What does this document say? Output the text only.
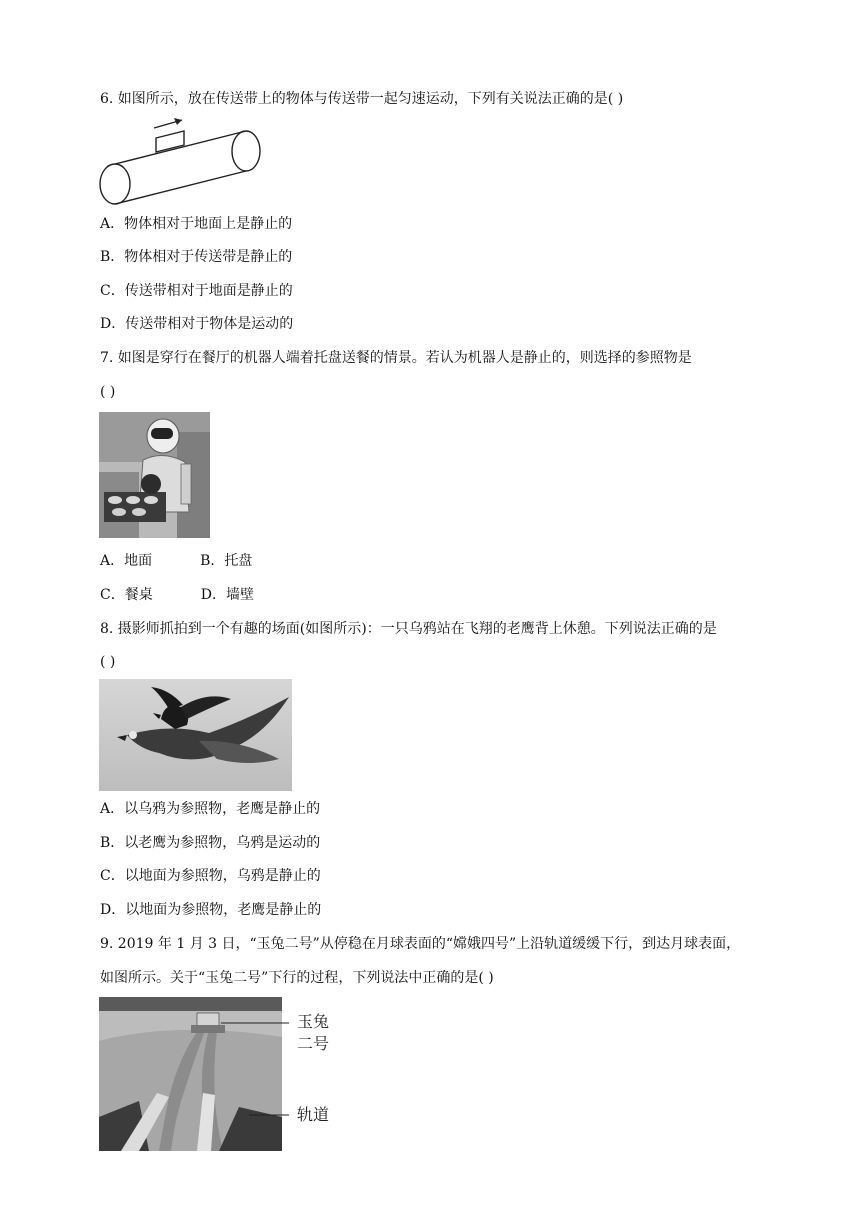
6. 如图所示，放在传送带上的物体与传送带一起匀速运动，下列有关说法正确的是( )
A．物体相对于地面上是静止的
B．物体相对于传送带是静止的
C．传送带相对于地面是静止的
D．传送带相对于物体是运动的
7. 如图是穿行在餐厅的机器人端着托盘送餐的情景。若认为机器人是静止的，则选择的参照物是
( )
A．地面	B．托盘
C．餐桌	D．墙壁
8. 摄影师抓拍到一个有趣的场面(如图所示)：一只乌鸦站在飞翔的老鹰背上休憩。下列说法正确的是
( )
A．以乌鸦为参照物，老鹰是静止的
B．以老鹰为参照物，乌鸦是运动的
C．以地面为参照物，乌鸦是静止的
D．以地面为参照物，老鹰是静止的
9. 2019 年 1 月 3 日，“玉兔二号”从停稳在月球表面的“嫦娥四号”上沿轨道缓缓下行，到达月球表面，
如图所示。关于“玉兔二号”下行的过程，下列说法中正确的是( )
玉兔
二号
轨道
